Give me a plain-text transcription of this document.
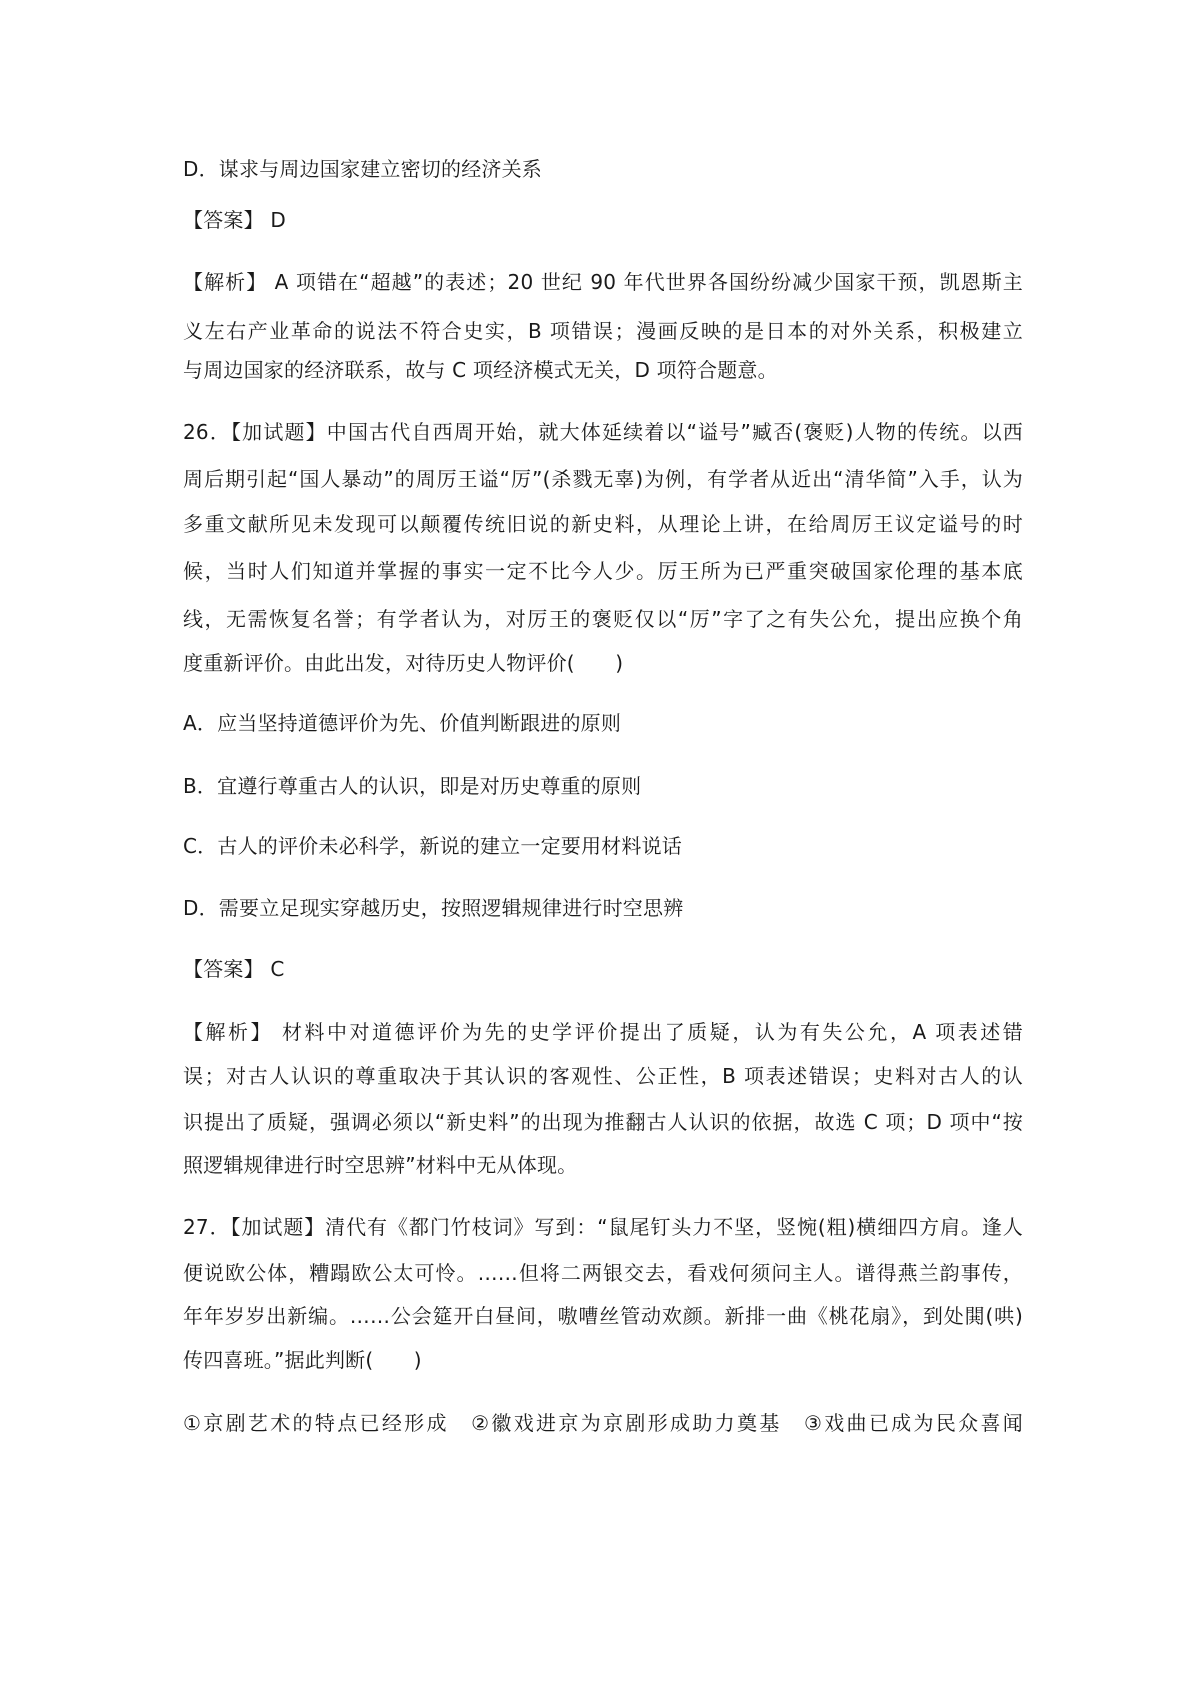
D．谋求与周边国家建立密切的经济关系
【答案】 D
【解析】 A 项错在“超越”的表述；20 世纪 90 年代世界各国纷纷减少国家干预，凯恩斯主
义左右产业革命的说法不符合史实，B 项错误；漫画反映的是日本的对外关系，积极建立
与周边国家的经济联系，故与 C 项经济模式无关，D 项符合题意。
26．【加试题】中国古代自西周开始，就大体延续着以“谥号”臧否(褒贬)人物的传统。以西
周后期引起“国人暴动”的周厉王谥“厉”(杀戮无辜)为例，有学者从近出“清华简”入手，认为
多重文献所见未发现可以颠覆传统旧说的新史料，从理论上讲，在给周厉王议定谥号的时
候，当时人们知道并掌握的事实一定不比今人少。厉王所为已严重突破国家伦理的基本底
线，无需恢复名誉；有学者认为，对厉王的褒贬仅以“厉”字了之有失公允，提出应换个角
度重新评价。由此出发，对待历史人物评价(　　)
A．应当坚持道德评价为先、价值判断跟进的原则
B．宜遵行尊重古人的认识，即是对历史尊重的原则
C．古人的评价未必科学，新说的建立一定要用材料说话
D．需要立足现实穿越历史，按照逻辑规律进行时空思辨
【答案】 C
【解析】 材料中对道德评价为先的史学评价提出了质疑，认为有失公允，A 项表述错
误；对古人认识的尊重取决于其认识的客观性、公正性，B 项表述错误；史料对古人的认
识提出了质疑，强调必须以“新史料”的出现为推翻古人认识的依据，故选 C 项；D 项中“按
照逻辑规律进行时空思辨”材料中无从体现。
27．【加试题】清代有《都门竹枝词》写到：“鼠尾钉头力不坚，竖惋(粗)横细四方肩。逢人
便说欧公体，糟蹋欧公太可怜。……但将二两银交去，看戏何须问主人。谱得燕兰韵事传，
年年岁岁出新编。……公会筵开白昼间，嗷嘈丝管动欢颜。新排一曲《桃花扇》，到处閧(哄)
传四喜班。”据此判断(　　)
①京剧艺术的特点已经形成　②徽戏进京为京剧形成助力奠基　③戏曲已成为民众喜闻
